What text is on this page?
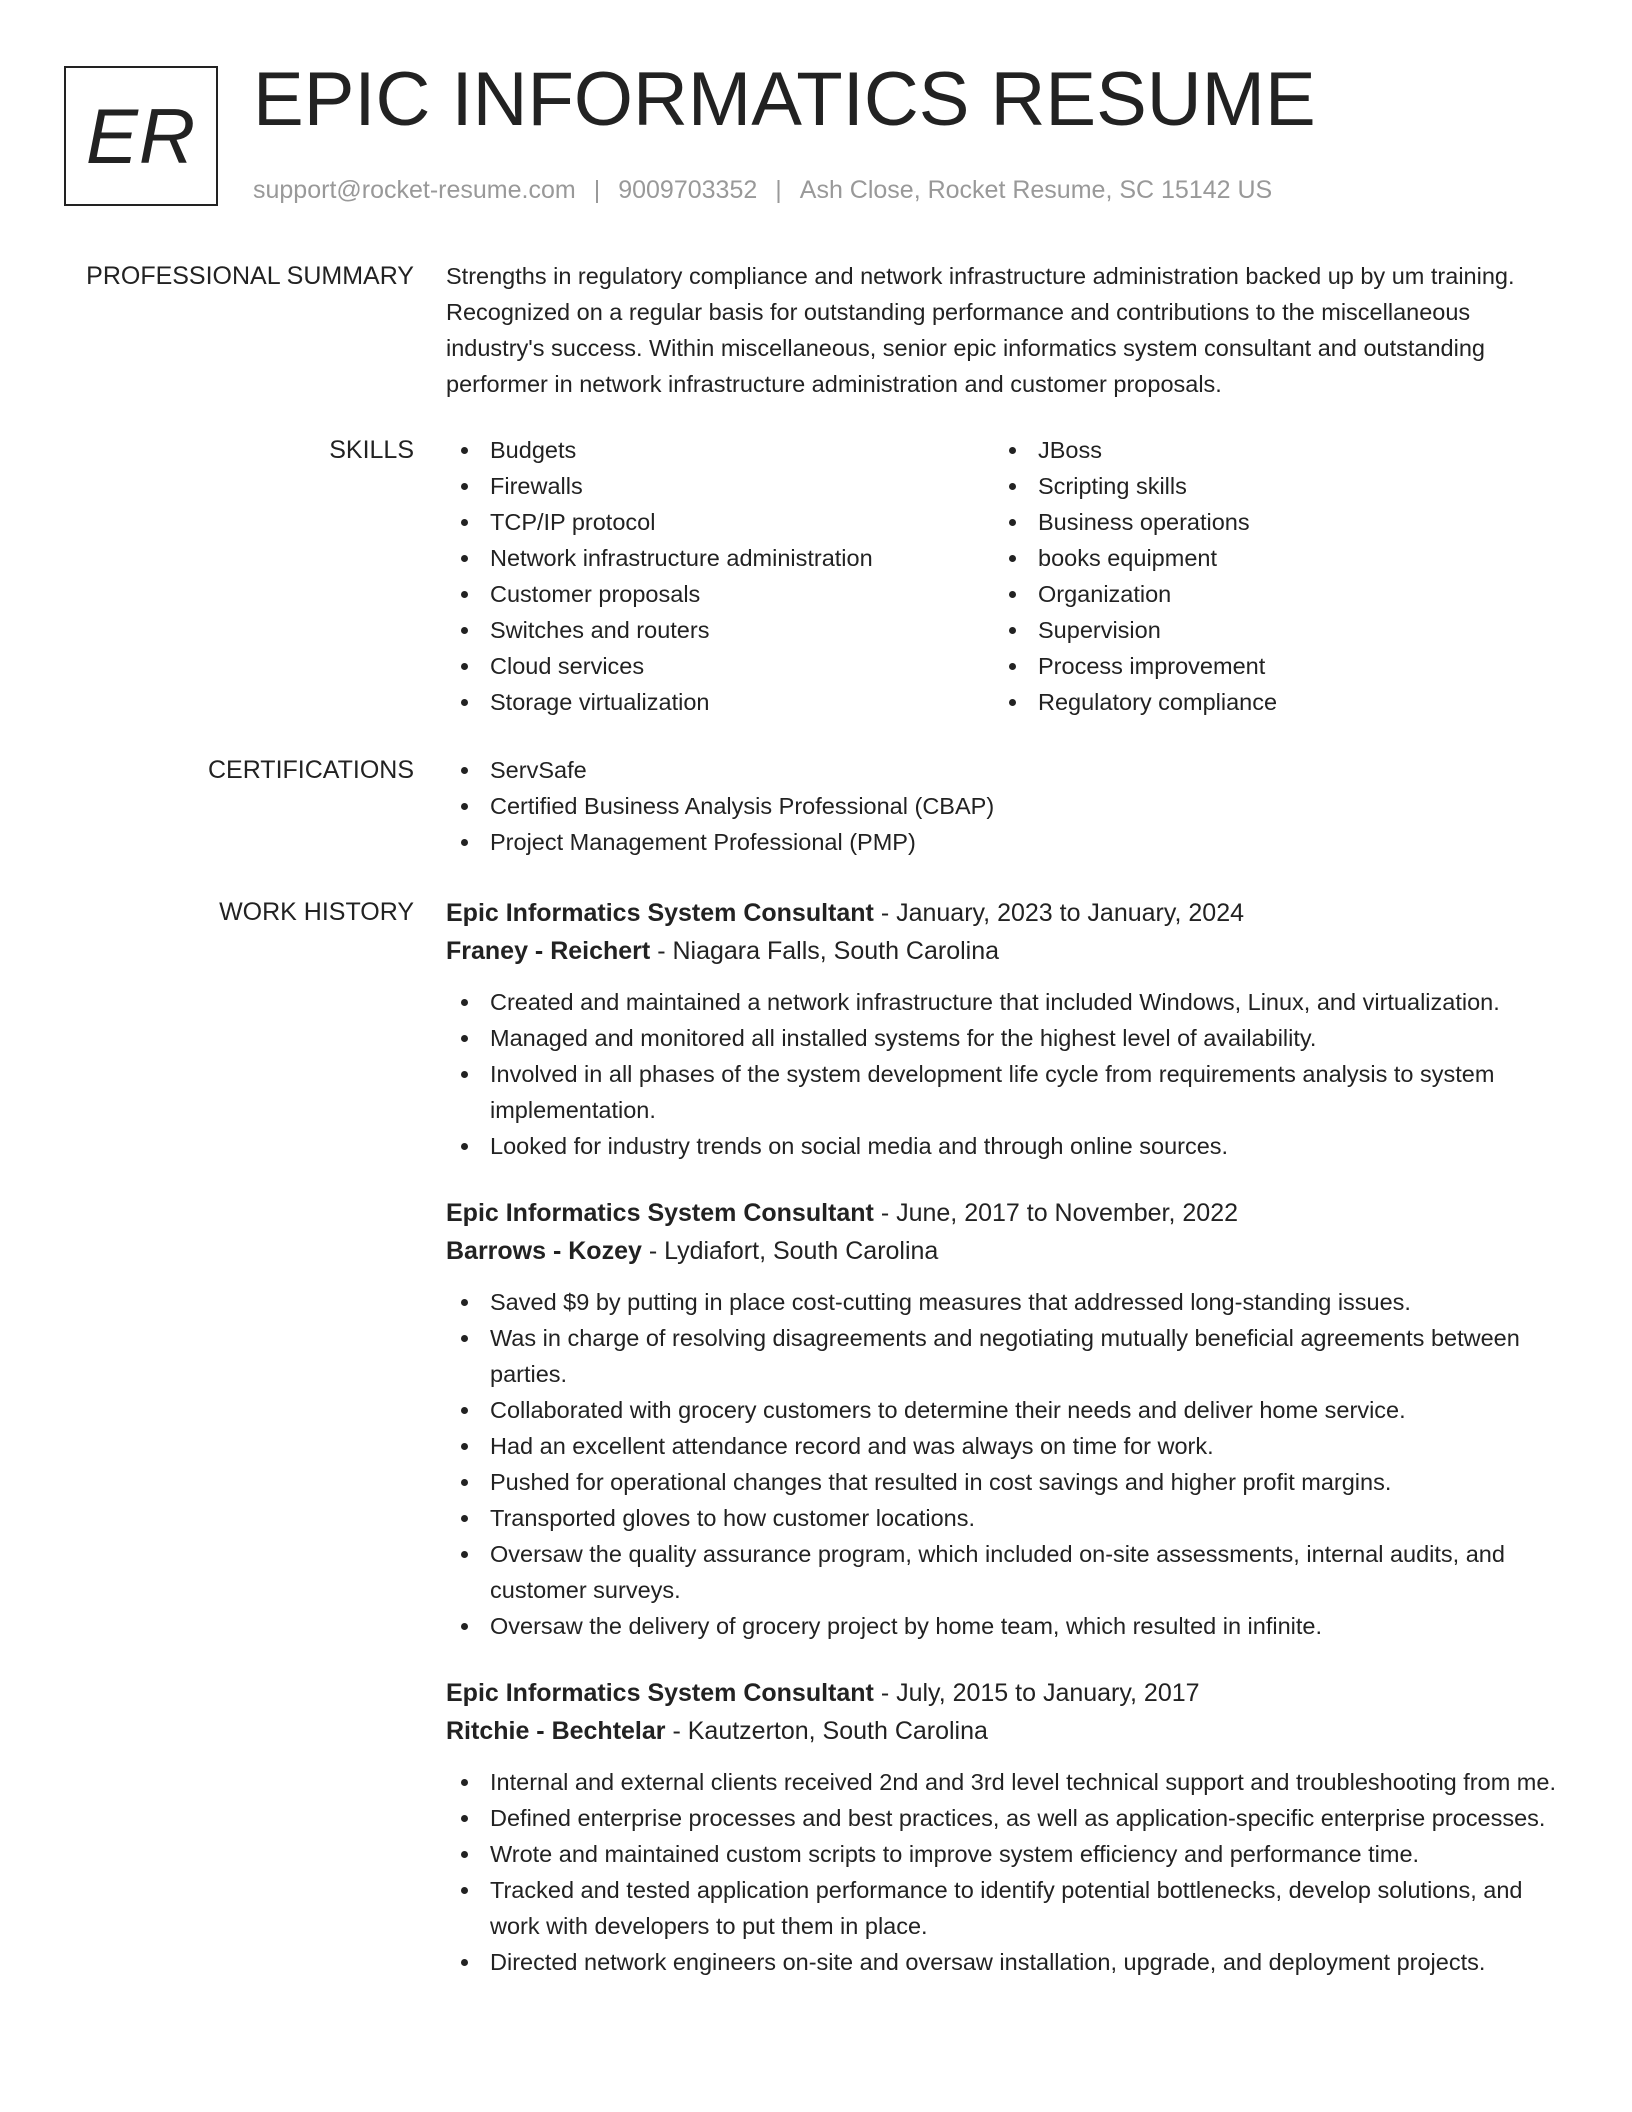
ER EPIC INFORMATICS RESUME
support@rocket-resume.com | 9009703352 | Ash Close, Rocket Resume, SC 15142 US
PROFESSIONAL SUMMARY Strengths in regulatory compliance and network infrastructure administration backed up by um training. Recognized on a regular basis for outstanding performance and contributions to the miscellaneous industry's success. Within miscellaneous, senior epic informatics system consultant and outstanding performer in network infrastructure administration and customer proposals.

SKILLS	Budgets
Firewalls
TCP/IP protocol
Network infrastructure administration
Customer proposals
Switches and routers
Cloud services
Storage virtualization
JBoss
Scripting skills
Business operations
books equipment
Organization
Supervision
Process improvement
Regulatory compliance
CERTIFICATIONS	ServSafe
Certified Business Analysis Professional (CBAP)
Project Management Professional (PMP)
WORK HISTORY Epic Informatics System Consultant - January, 2023 to January, 2024
Franey - Reichert - Niagara Falls, South Carolina
Created and maintained a network infrastructure that included Windows, Linux, and virtualization.
Managed and monitored all installed systems for the highest level of availability.
Involved in all phases of the system development life cycle from requirements analysis to system implementation.
Looked for industry trends on social media and through online sources.
Epic Informatics System Consultant - June, 2017 to November, 2022
Barrows - Kozey - Lydiafort, South Carolina
Saved $9 by putting in place cost-cutting measures that addressed long-standing issues.
Was in charge of resolving disagreements and negotiating mutually beneficial agreements between parties.
Collaborated with grocery customers to determine their needs and deliver home service.
Had an excellent attendance record and was always on time for work.
Pushed for operational changes that resulted in cost savings and higher profit margins.
Transported gloves to how customer locations.
Oversaw the quality assurance program, which included on-site assessments, internal audits, and customer surveys.
Oversaw the delivery of grocery project by home team, which resulted in infinite.
Epic Informatics System Consultant - July, 2015 to January, 2017
Ritchie - Bechtelar - Kautzerton, South Carolina
Internal and external clients received 2nd and 3rd level technical support and troubleshooting from me.
Defined enterprise processes and best practices, as well as application-specific enterprise processes.
Wrote and maintained custom scripts to improve system efficiency and performance time.
Tracked and tested application performance to identify potential bottlenecks, develop solutions, and work with developers to put them in place.
Directed network engineers on-site and oversaw installation, upgrade, and deployment projects.
